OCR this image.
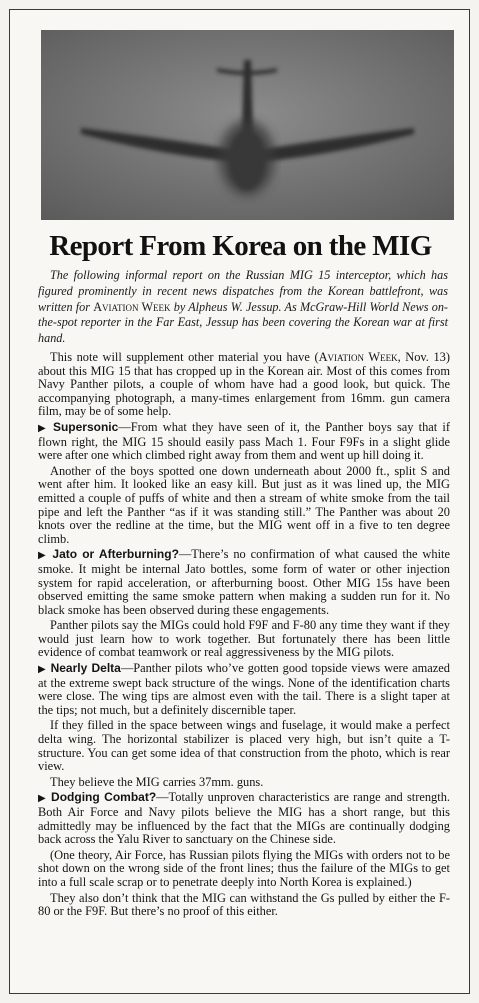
Report From Korea on the MIG

The following informal report on the Russian MIG 15 interceptor, which has figured prominently in recent news dispatches from the Korean battlefront, was written for Aviation Week by Alpheus W. Jessup. As McGraw-Hill World News on-the-spot reporter in the Far East, Jessup has been covering the Korean war at first hand.

This note will supplement other material you have (Aviation Week, Nov. 13) about this MIG 15 that has cropped up in the Korean air. Most of this comes from Navy Panther pilots, a couple of whom have had a good look, but quick. The accompanying photograph, a many-times enlargement from 16mm. gun camera film, may be of some help.

▶ Supersonic—From what they have seen of it, the Panther boys say that if flown right, the MIG 15 should easily pass Mach 1. Four F9Fs in a slight glide were after one which climbed right away from them and went up hill doing it.

Another of the boys spotted one down underneath about 2000 ft., split S and went after him. It looked like an easy kill. But just as it was lined up, the MIG emitted a couple of puffs of white and then a stream of white smoke from the tail pipe and left the Panther “as if it was standing still.” The Panther was about 20 knots over the redline at the time, but the MIG went off in a five to ten degree climb.

▶ Jato or Afterburning?—There’s no confirmation of what caused the white smoke. It might be internal Jato bottles, some form of water or other injection system for rapid acceleration, or afterburning boost. Other MIG 15s have been observed emitting the same smoke pattern when making a sudden run for it. No black smoke has been observed during these engagements.

Panther pilots say the MIGs could hold F9F and F-80 any time they want if they would just learn how to work together. But fortunately there has been little evidence of combat teamwork or real aggressiveness by the MIG pilots.

▶ Nearly Delta—Panther pilots who’ve gotten good topside views were amazed at the extreme swept back structure of the wings. None of the identification charts were close. The wing tips are almost even with the tail. There is a slight taper at the tips; not much, but a definitely discernible taper.

If they filled in the space between wings and fuselage, it would make a perfect delta wing. The horizontal stabilizer is placed very high, but isn’t quite a T-structure. You can get some idea of that construction from the photo, which is rear view.

They believe the MIG carries 37mm. guns.

▶ Dodging Combat?—Totally unproven characteristics are range and strength. Both Air Force and Navy pilots believe the MIG has a short range, but this admittedly may be influenced by the fact that the MIGs are continually dodging back across the Yalu River to sanctuary on the Chinese side.

(One theory, Air Force, has Russian pilots flying the MIGs with orders not to be shot down on the wrong side of the front lines; thus the failure of the MIGs to get into a full scale scrap or to penetrate deeply into North Korea is explained.)

They also don’t think that the MIG can withstand the Gs pulled by either the F-80 or the F9F. But there’s no proof of this either.
